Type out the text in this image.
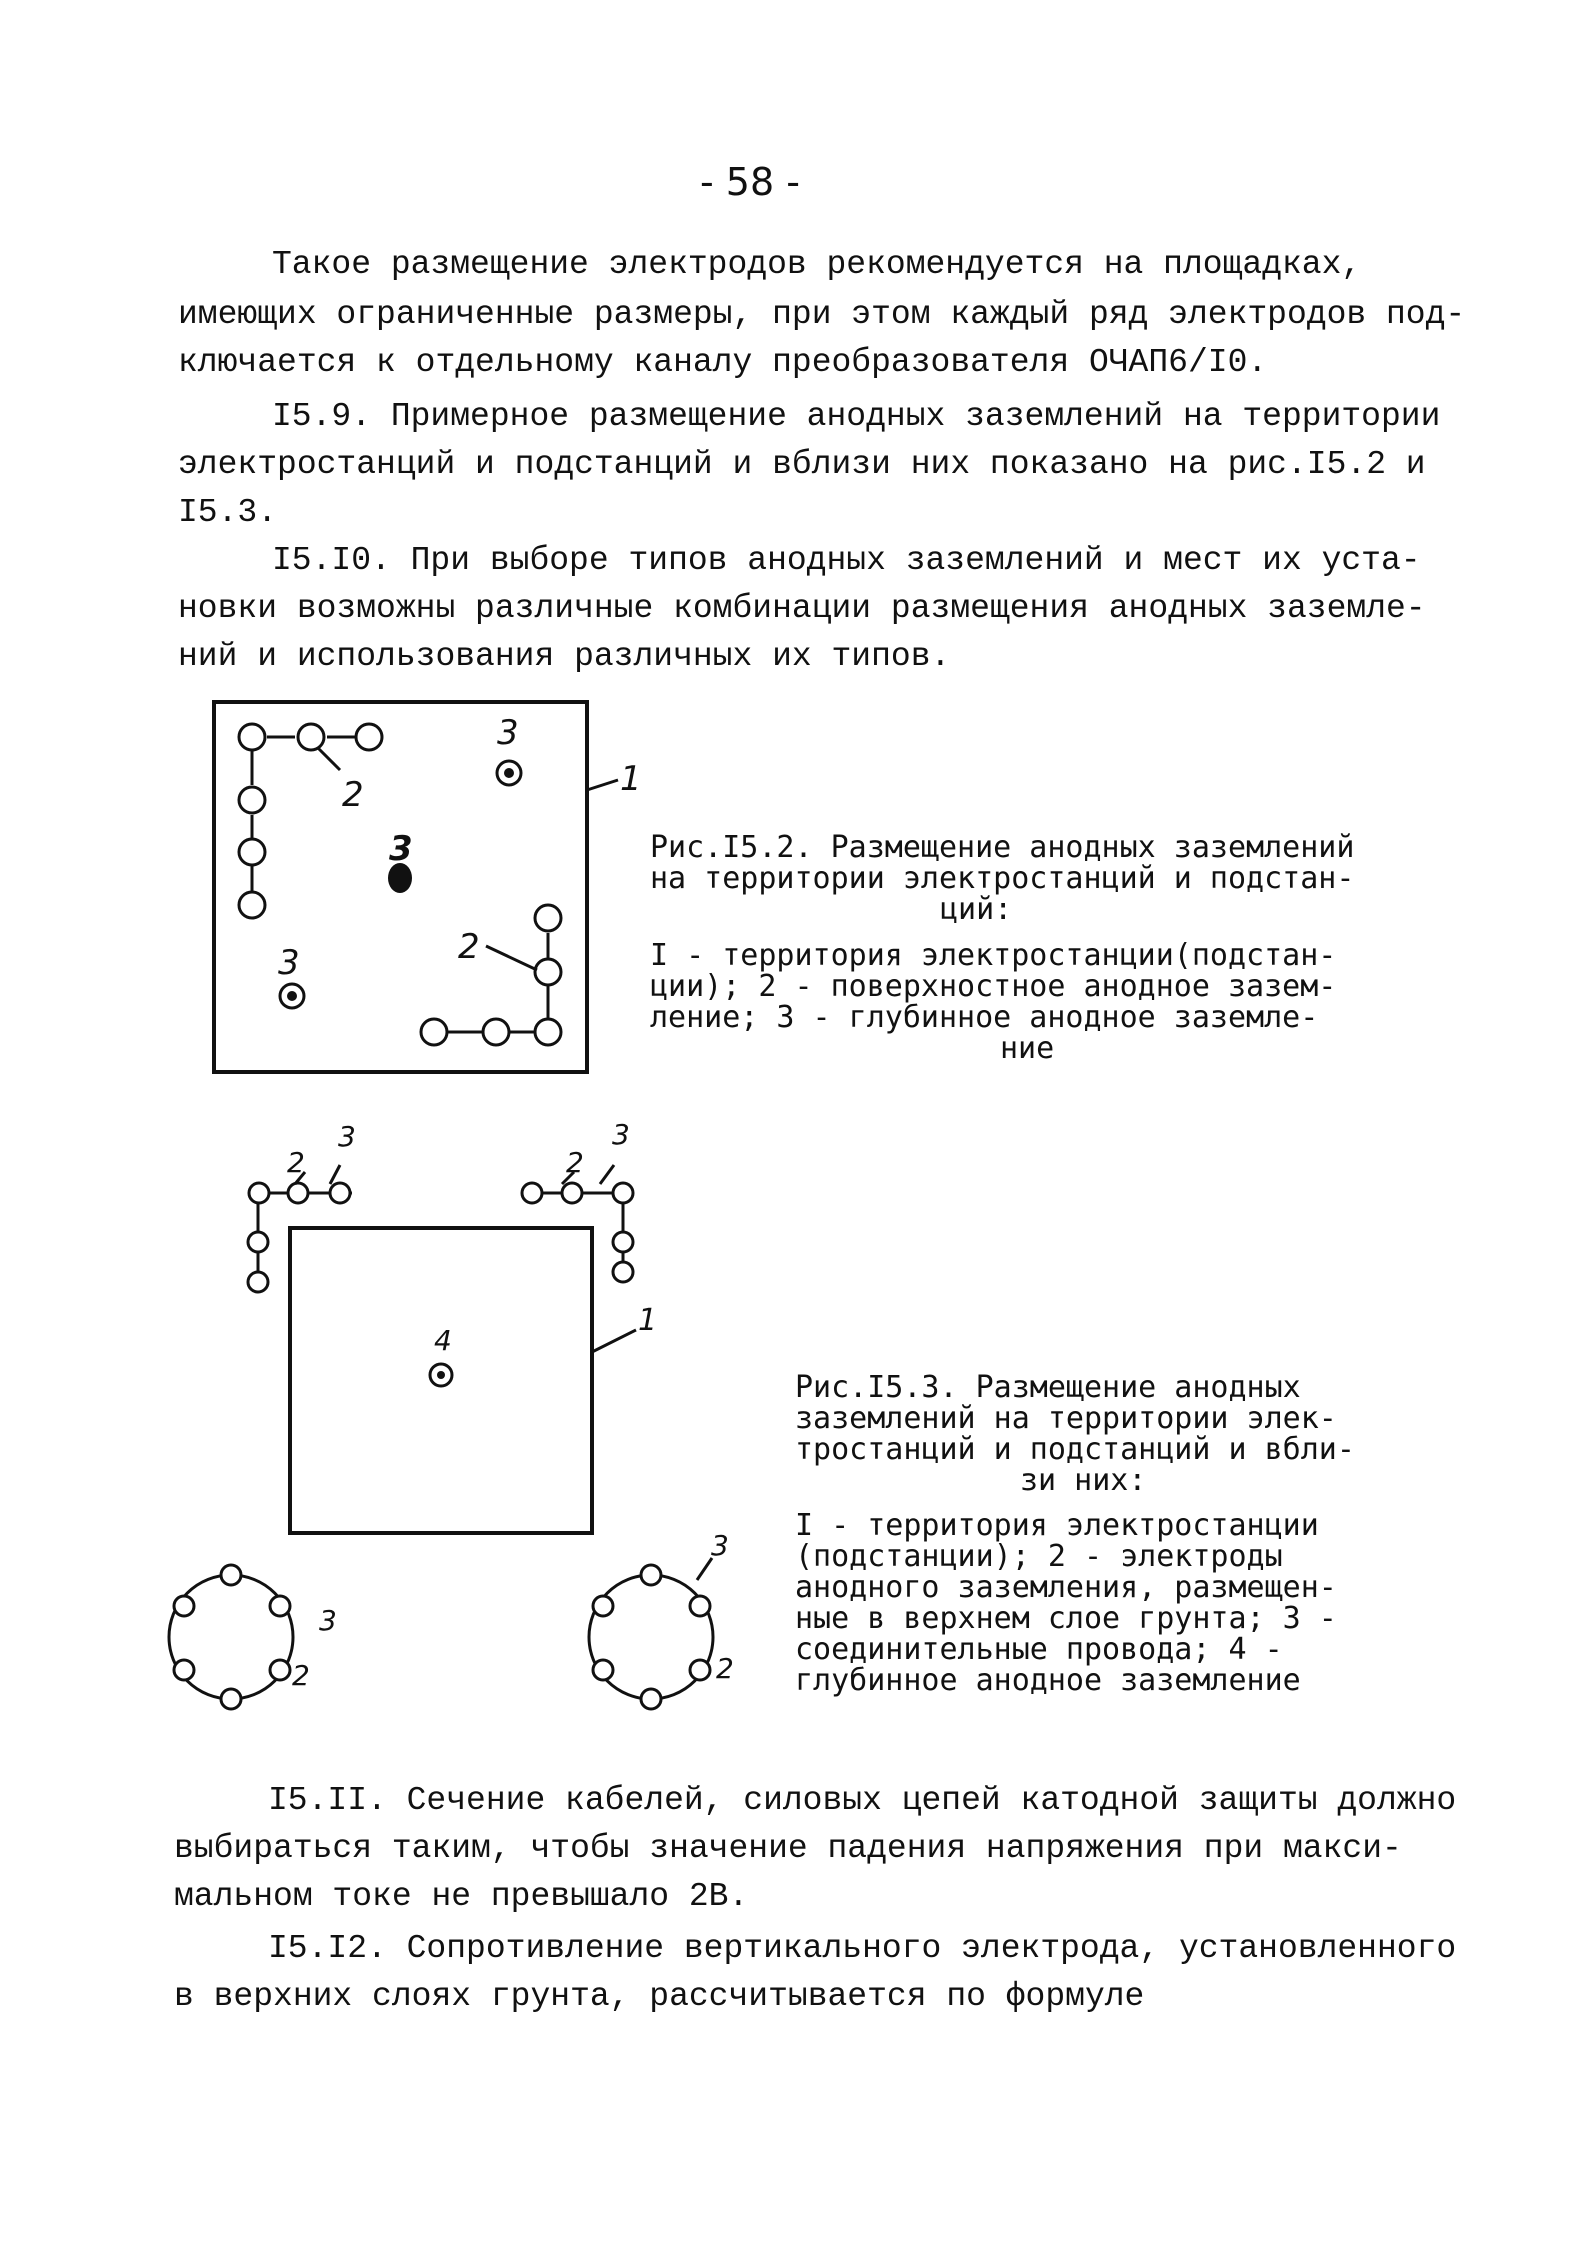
- 58 -
Такое размещение электродов рекомендуется на площадках,
имеющих ограниченные размеры, при этом каждый ряд электродов под-
ключается к отдельному каналу преобразователя ОЧАП6/I0.
I5.9. Примерное размещение анодных заземлений на территории
электростанций и подстанций и вблизи них показано на рис.I5.2 и
I5.3.
I5.I0. При выборе типов анодных заземлений и мест их уста-
новки возможны различные комбинации размещения анодных заземле-
ний и использования различных их типов.
1
2
2
3
3
3
1
4
2
3
2
3
3
2
3
2
Рис.I5.2. Размещение анодных заземлений
на территории электростанций и подстан-
ций:
I - территория электростанции(подстан-
ции); 2 - поверхностное анодное зазем-
ление; 3 - глубинное анодное заземле-
ние
Рис.I5.3. Размещение анодных
заземлений на территории элек-
тростанций и подстанций и вбли-
зи них:
I - территория электростанции
(подстанции); 2 - электроды
анодного заземления, размещен-
ные в верхнем слое грунта; 3 -
соединительные провода; 4 -
глубинное анодное заземление
I5.II. Сечение кабелей, силовых цепей катодной защиты должно
выбираться таким, чтобы значение падения напряжения при макси-
мальном токе не превышало 2В.
I5.I2. Сопротивление вертикального электрода, установленного
в верхних слоях грунта, рассчитывается по формуле
